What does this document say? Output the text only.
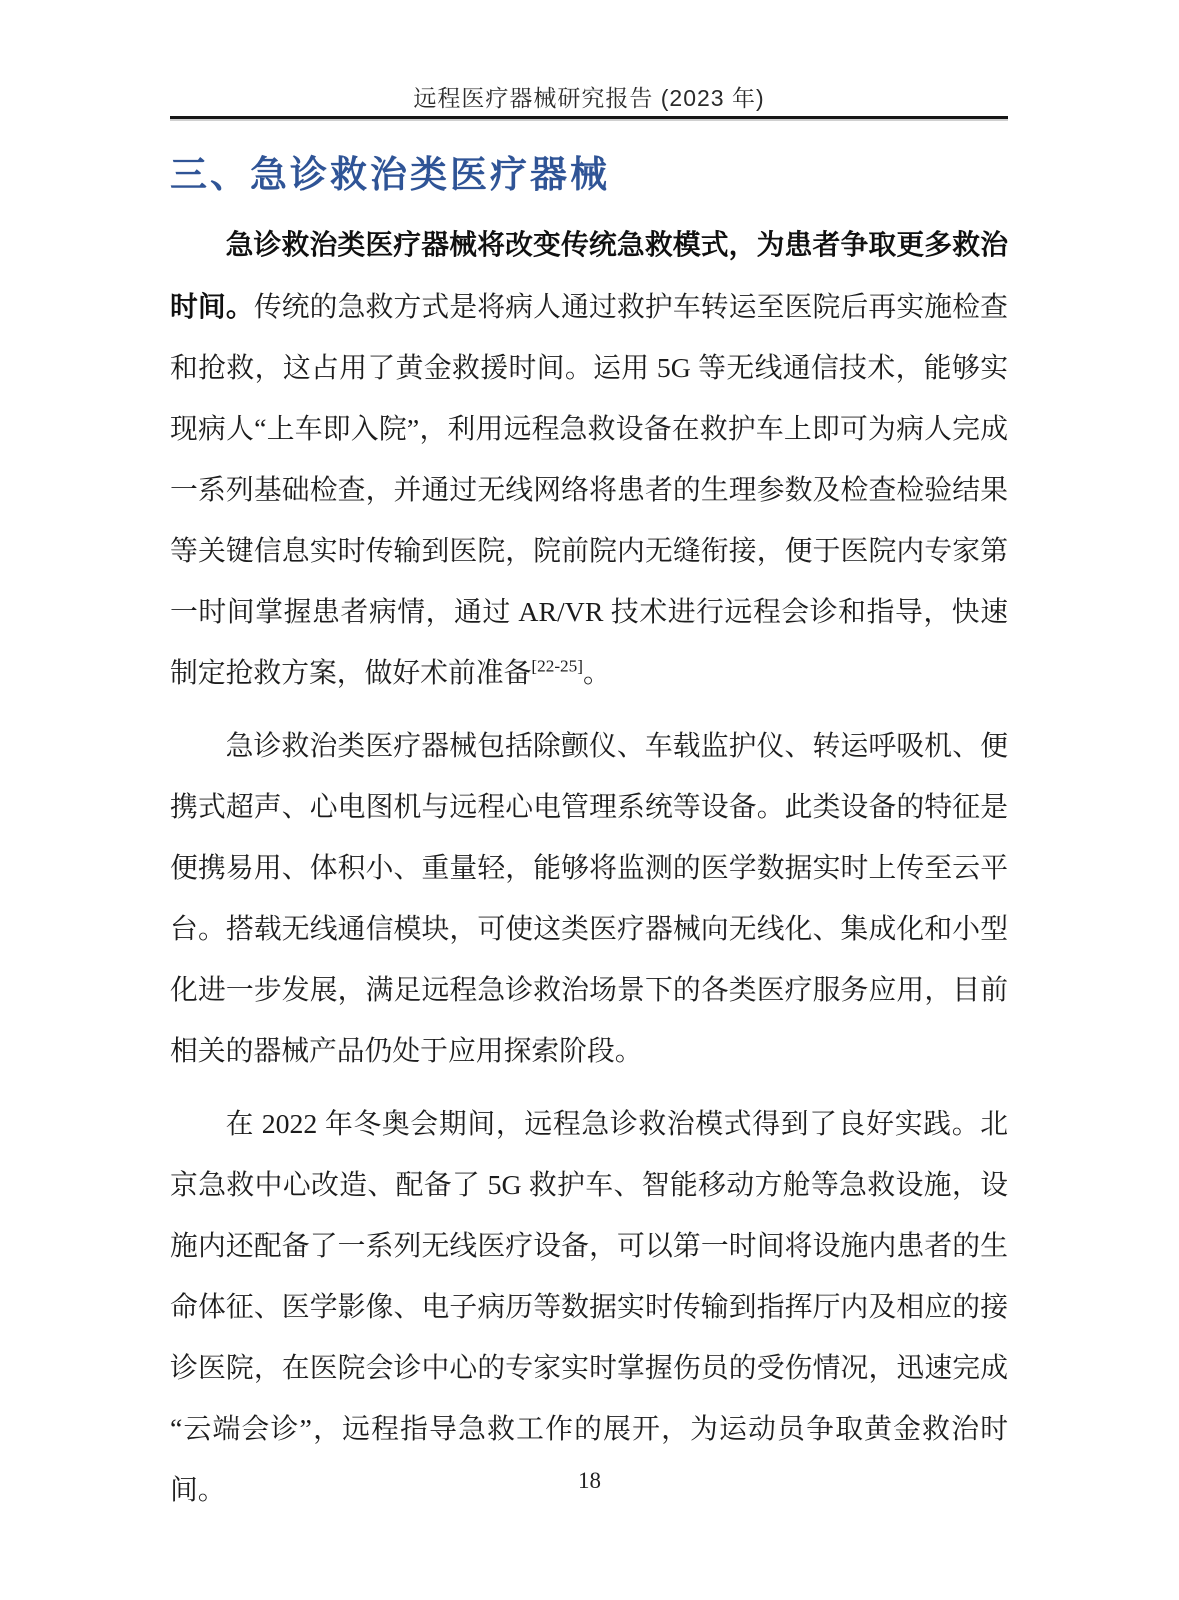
远程医疗器械研究报告 (2023 年)
三、急诊救治类医疗器械

急诊救治类医疗器械将改变传统急救模式，为患者争取更多救治时间。传统的急救方式是将病人通过救护车转运至医院后再实施检查和抢救，这占用了黄金救援时间。运用 5G 等无线通信技术，能够实现病人“上车即入院”，利用远程急救设备在救护车上即可为病人完成一系列基础检查，并通过无线网络将患者的生理参数及检查检验结果等关键信息实时传输到医院，院前院内无缝衔接，便于医院内专家第一时间掌握患者病情，通过 AR/VR 技术进行远程会诊和指导，快速制定抢救方案，做好术前准备[22-25]。

急诊救治类医疗器械包括除颤仪、车载监护仪、转运呼吸机、便携式超声、心电图机与远程心电管理系统等设备。此类设备的特征是便携易用、体积小、重量轻，能够将监测的医学数据实时上传至云平台。搭载无线通信模块，可使这类医疗器械向无线化、集成化和小型化进一步发展，满足远程急诊救治场景下的各类医疗服务应用，目前相关的器械产品仍处于应用探索阶段。

在 2022 年冬奥会期间，远程急诊救治模式得到了良好实践。北京急救中心改造、配备了 5G 救护车、智能移动方舱等急救设施，设施内还配备了一系列无线医疗设备，可以第一时间将设施内患者的生命体征、医学影像、电子病历等数据实时传输到指挥厅内及相应的接诊医院，在医院会诊中心的专家实时掌握伤员的受伤情况，迅速完成“云端会诊”，远程指导急救工作的展开，为运动员争取黄金救治时间。	18
